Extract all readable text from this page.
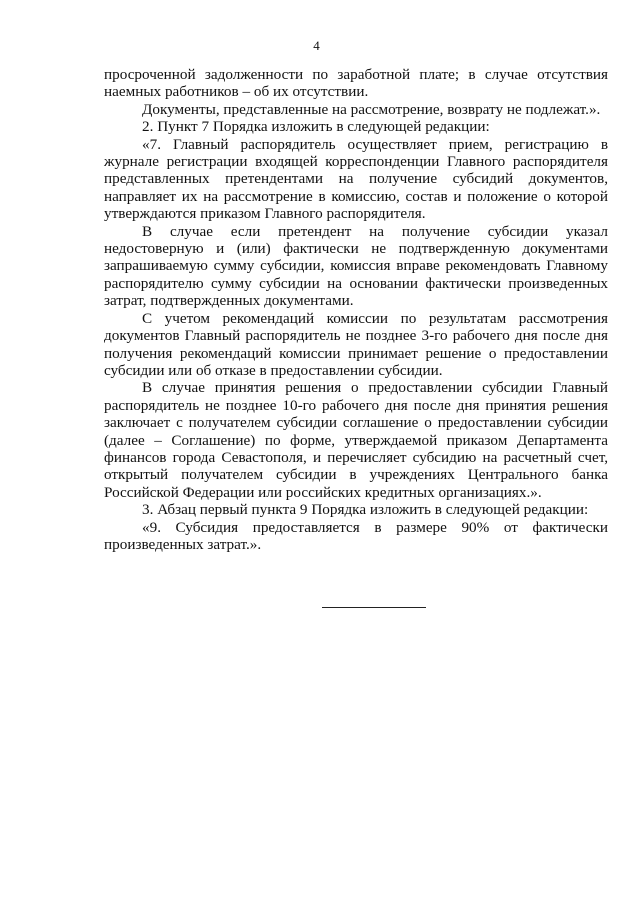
4

просроченной задолженности по заработной плате; в случае отсутствия наемных работников – об их отсутствии.

Документы, представленные на рассмотрение, возврату не подлежат.».

2. Пункт 7 Порядка изложить в следующей редакции:

«7. Главный распорядитель осуществляет прием, регистрацию в журнале регистрации входящей корреспонденции Главного распорядителя представленных претендентами на получение субсидий документов, направляет их на рассмотрение в комиссию, состав и положение о которой утверждаются приказом Главного распорядителя.

В случае если претендент на получение субсидии указал недостоверную и (или) фактически не подтвержденную документами запрашиваемую сумму субсидии, комиссия вправе рекомендовать Главному распорядителю сумму субсидии на основании фактически произведенных затрат, подтвержденных документами.

С учетом рекомендаций комиссии по результатам рассмотрения документов Главный распорядитель не позднее 3-го рабочего дня после дня получения рекомендаций комиссии принимает решение о предоставлении субсидии или об отказе в предоставлении субсидии.

В случае принятия решения о предоставлении субсидии Главный распорядитель не позднее 10-го рабочего дня после дня принятия решения заключает с получателем субсидии соглашение о предоставлении субсидии (далее – Соглашение) по форме, утверждаемой приказом Департамента финансов города Севастополя, и перечисляет субсидию на расчетный счет, открытый получателем субсидии в учреждениях Центрального банка Российской Федерации или российских кредитных организациях.».

3. Абзац первый пункта 9 Порядка изложить в следующей редакции:

«9. Субсидия предоставляется в размере 90% от фактически произведенных затрат.».
